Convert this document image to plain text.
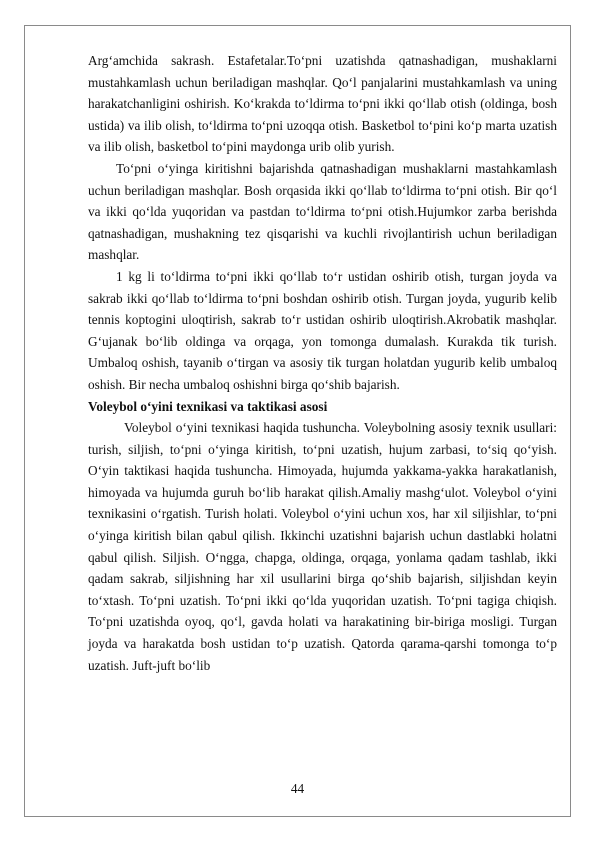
Arg‘amchida sakrash. Estafetalar.To‘pni uzatishda qatnashadigan, mushaklarni mustahkamlash uchun beriladigan mashqlar. Qo‘l panjalarini mustahkamlash va uning harakatchanligini oshirish. Ko‘krakda to‘ldirma to‘pni ikki qo‘llab otish (oldinga, bosh ustida) va ilib olish, to‘ldirma to‘pni uzoqqa otish. Basketbol to‘pini ko‘p marta uzatish va ilib olish, basketbol to‘pini maydonga urib olib yurish.

To‘pni o‘yinga kiritishni bajarishda qatnashadigan mushaklarni mastahkamlash uchun beriladigan mashqlar. Bosh orqasida ikki qo‘llab to‘ldirma to‘pni otish. Bir qo‘l va ikki qo‘lda yuqoridan va pastdan to‘ldirma to‘pni otish.Hujumkor zarba berishda qatnashadigan, mushakning tez qisqarishi va kuchli rivojlantirish uchun beriladigan mashqlar.

1 kg li to‘ldirma to‘pni ikki qo‘llab to‘r ustidan oshirib otish, turgan joyda va sakrab ikki qo‘llab to‘ldirma to‘pni boshdan oshirib otish. Turgan joyda, yugurib kelib tennis koptogini uloqtirish, sakrab to‘r ustidan oshirib uloqtirish.Akrobatik mashqlar. G‘ujanak bo‘lib oldinga va orqaga, yon tomonga dumalash. Kurakda tik turish. Umbaloq oshish, tayanib o‘tirgan va asosiy tik turgan holatdan yugurib kelib umbaloq oshish. Bir necha umbaloq oshishni birga qo‘shib bajarish.

Voleybol o‘yini texnikasi va taktikasi asosi

Voleybol o‘yini texnikasi haqida tushuncha. Voleybolning asosiy texnik usullari: turish, siljish, to‘pni o‘yinga kiritish, to‘pni uzatish, hujum zarbasi, to‘siq qo‘yish. O‘yin taktikasi haqida tushuncha. Himoyada, hujumda yakkama-yakka harakatlanish, himoyada va hujumda guruh bo‘lib harakat qilish.Amaliy mashg‘ulot. Voleybol o‘yini texnikasini o‘rgatish. Turish holati. Voleybol o‘yini uchun xos, har xil siljishlar, to‘pni o‘yinga kiritish bilan qabul qilish. Ikkinchi uzatishni bajarish uchun dastlabki holatni qabul qilish. Siljish. O‘ngga, chapga, oldinga, orqaga, yonlama qadam tashlab, ikki qadam sakrab, siljishning har xil usullarini birga qo‘shib bajarish, siljishdan keyin to‘xtash. To‘pni uzatish. To‘pni ikki qo‘lda yuqoridan uzatish. To‘pni tagiga chiqish. To‘pni uzatishda oyoq, qo‘l, gavda holati va harakatining bir-biriga mosligi. Turgan joyda va harakatda bosh ustidan to‘p uzatish. Qatorda qarama-qarshi tomonga to‘p uzatish. Juft-juft bo‘lib

44
